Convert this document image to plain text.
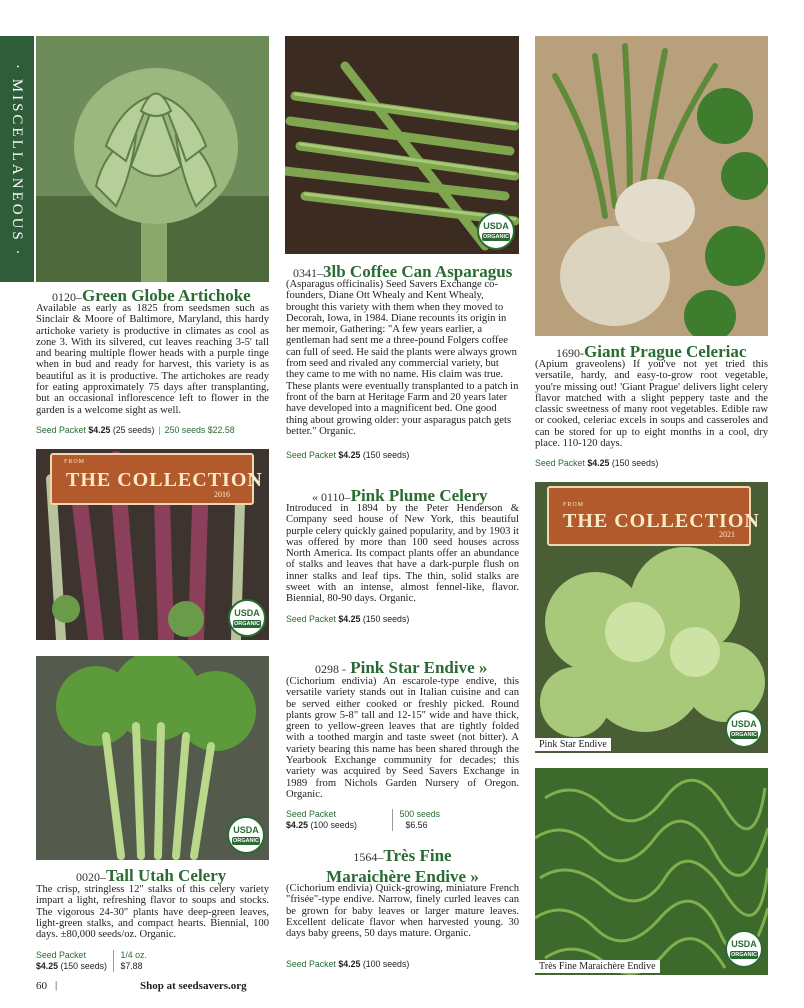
· MISCELLANEOUS ·	USDA
ORGANIC
0120–Green Globe Artichoke
Available as early as 1825 from seedsmen such as Sinclair & Moore of Baltimore, Maryland, this hardy artichoke variety is productive in climates as cool as zone 3. With its silvered, cut leaves reaching 3-5' tall and bearing multiple flower heads with a purple tinge when in bud and ready for harvest, this variety is as beautiful as it is productive. The artichokes are ready for eating approximately 75 days after transplanting, but an occasional inflorescence left to flower in the garden is a welcome sight as well.
Seed Packet $4.25 (25 seeds) | 250 seeds $22.58
0341–3lb Coffee Can Asparagus
(Asparagus officinalis) Seed Savers Exchange co-founders, Diane Ott Whealy and Kent Whealy, brought this variety with them when they moved to Decorah, Iowa, in 1984. Diane recounts its origin in her memoir, Gathering: "A few years earlier, a gentleman had sent me a three-pound Folgers coffee can full of seed. He said the plants were always grown from seed and rivaled any commercial variety, but they came to me with no name. His claim was true. These plants were eventually transplanted to a patch in front of the barn at Heritage Farm and 20 years later have developed into a magnificent bed. One good thing about growing older: your asparagus patch gets better." Organic.
Seed Packet $4.25 (150 seeds)
1690-Giant Prague Celeriac
(Apium graveolens) If you've not yet tried this versatile, hardy, and easy-to-grow root vegetable, you're missing out! 'Giant Prague' delivers light celery flavor matched with a slight peppery taste and the classic sweetness of many root vegetables. Edible raw or cooked, celeriac excels in soups and casseroles and can be stored for up to eight months in a cool, dry place. 110-120 days.
Seed Packet $4.25 (150 seeds)
FROM
THE COLLECTION
2016
USDA
ORGANIC
« 0110–Pink Plume Celery
Introduced in 1894 by the Peter Henderson & Company seed house of New York, this beautiful purple celery quickly gained popularity, and by 1903 it was offered by more than 100 seed houses across North America. Its compact plants offer an abundance of stalks and leaves that have a dark-purple flush on inner stalks and leaf tips. The thin, solid stalks are sweet with an intense, almost fennel-like, flavor. Biennial, 80-90 days. Organic.
Seed Packet $4.25 (150 seeds)
FROM
THE COLLECTION
2021
USDA
ORGANIC
Pink Star Endive
0298 - Pink Star Endive »
(Cichorium endivia) An escarole-type endive, this versatile variety stands out in Italian cuisine and can be served either cooked or freshly picked. Round plants grow 5-8" tall and 12-15" wide and have thick, green to yellow-green leaves that are tightly folded with a toothed margin and taste sweet (not bitter). A variety bearing this name has been shared through the Yearbook Exchange community for decades; this variety was acquired by Seed Savers Exchange in 1989 from Nichols Garden Nursery of Oregon. Organic.
Seed Packet
$4.25 (100 seeds) 500 seeds
$6.56
USDA
ORGANIC
0020–Tall Utah Celery
The crisp, stringless 12" stalks of this celery variety impart a light, refreshing flavor to soups and stocks. The vigorous 24-30" plants have deep-green leaves, light-green stalks, and compact hearts. Biennial, 100 days. ±80,000 seeds/oz. Organic.
Seed Packet
$4.25 (150 seeds) 1/4 oz.
$7.88
1564–Très Fine
Maraichère Endive »
(Cichorium endivia) Quick-growing, miniature French "frisée"-type endive. Narrow, finely curled leaves can be grown for baby leaves or larger mature leaves. Excellent delicate flavor when harvested young. 30 days baby greens, 50 days mature. Organic.
Seed Packet $4.25 (100 seeds)
USDA
ORGANIC
Très Fine Maraichère Endive
60 |	Shop at seedsavers.org
